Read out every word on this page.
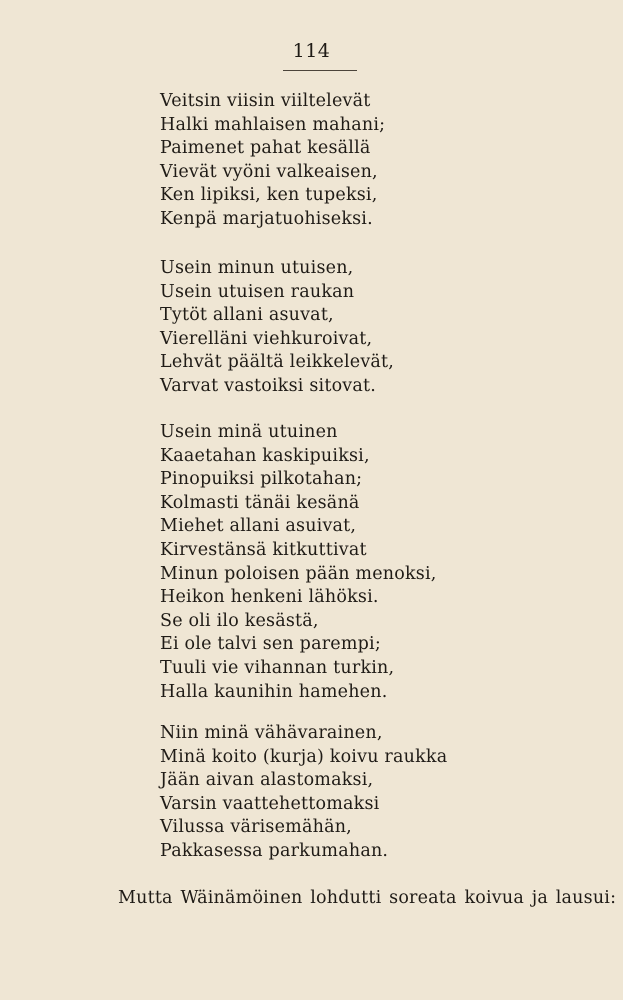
114
Veitsin viisin viiltelevät
Halki mahlaisen mahani;
Paimenet pahat kesällä
Vievät vyöni valkeaisen,
Ken lipiksi, ken tupeksi,
Kenpä marjatuohiseksi.
Usein minun utuisen,
Usein utuisen raukan
Tytöt allani asuvat,
Vierelläni viehkuroivat,
Lehvät päältä leikkelevät,
Varvat vastoiksi sitovat.
Usein minä utuinen
Kaaetahan kaskipuiksi,
Pinopuiksi pilkotahan;
Kolmasti tänäi kesänä
Miehet allani asuivat,
Kirvestänsä kitkuttivat
Minun poloisen pään menoksi,
Heikon henkeni lähöksi.
Se oli ilo kesästä,
Ei ole talvi sen parempi;
Tuuli vie vihannan turkin,
Halla kaunihin hamehen.
Niin minä vähävarainen,
Minä koito (kurja) koivu raukka
Jään aivan alastomaksi,
Varsin vaattehettomaksi
Vilussa värisemähän,
Pakkasessa parkumahan.
Mutta Wäinämöinen lohdutti soreata koivua ja lausui:
